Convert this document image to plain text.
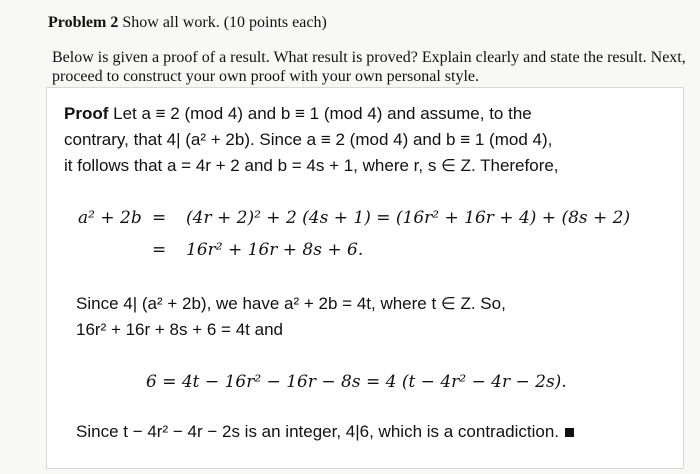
Problem 2 Show all work. (10 points each)
Below is given a proof of a result. What result is proved? Explain clearly and state the result. Next, proceed to construct your own proof with your own personal style.
Proof Let a ≡ 2 (mod 4) and b ≡ 1 (mod 4) and assume, to the
contrary, that 4| (a² + 2b). Since a ≡ 2 (mod 4) and b ≡ 1 (mod 4),
it follows that a = 4r + 2 and b = 4s + 1, where r, s ∈ Z. Therefore,
a² + 2b = (4r + 2)² + 2 (4s + 1) = (16r² + 16r + 4) + (8s + 2)
= 16r² + 16r + 8s + 6.
Since 4| (a² + 2b), we have a² + 2b = 4t, where t ∈ Z. So,
16r² + 16r + 8s + 6 = 4t and
6 = 4t − 16r² − 16r − 8s = 4 (t − 4r² − 4r − 2s).
Since t − 4r² − 4r − 2s is an integer, 4|6, which is a contradiction.
